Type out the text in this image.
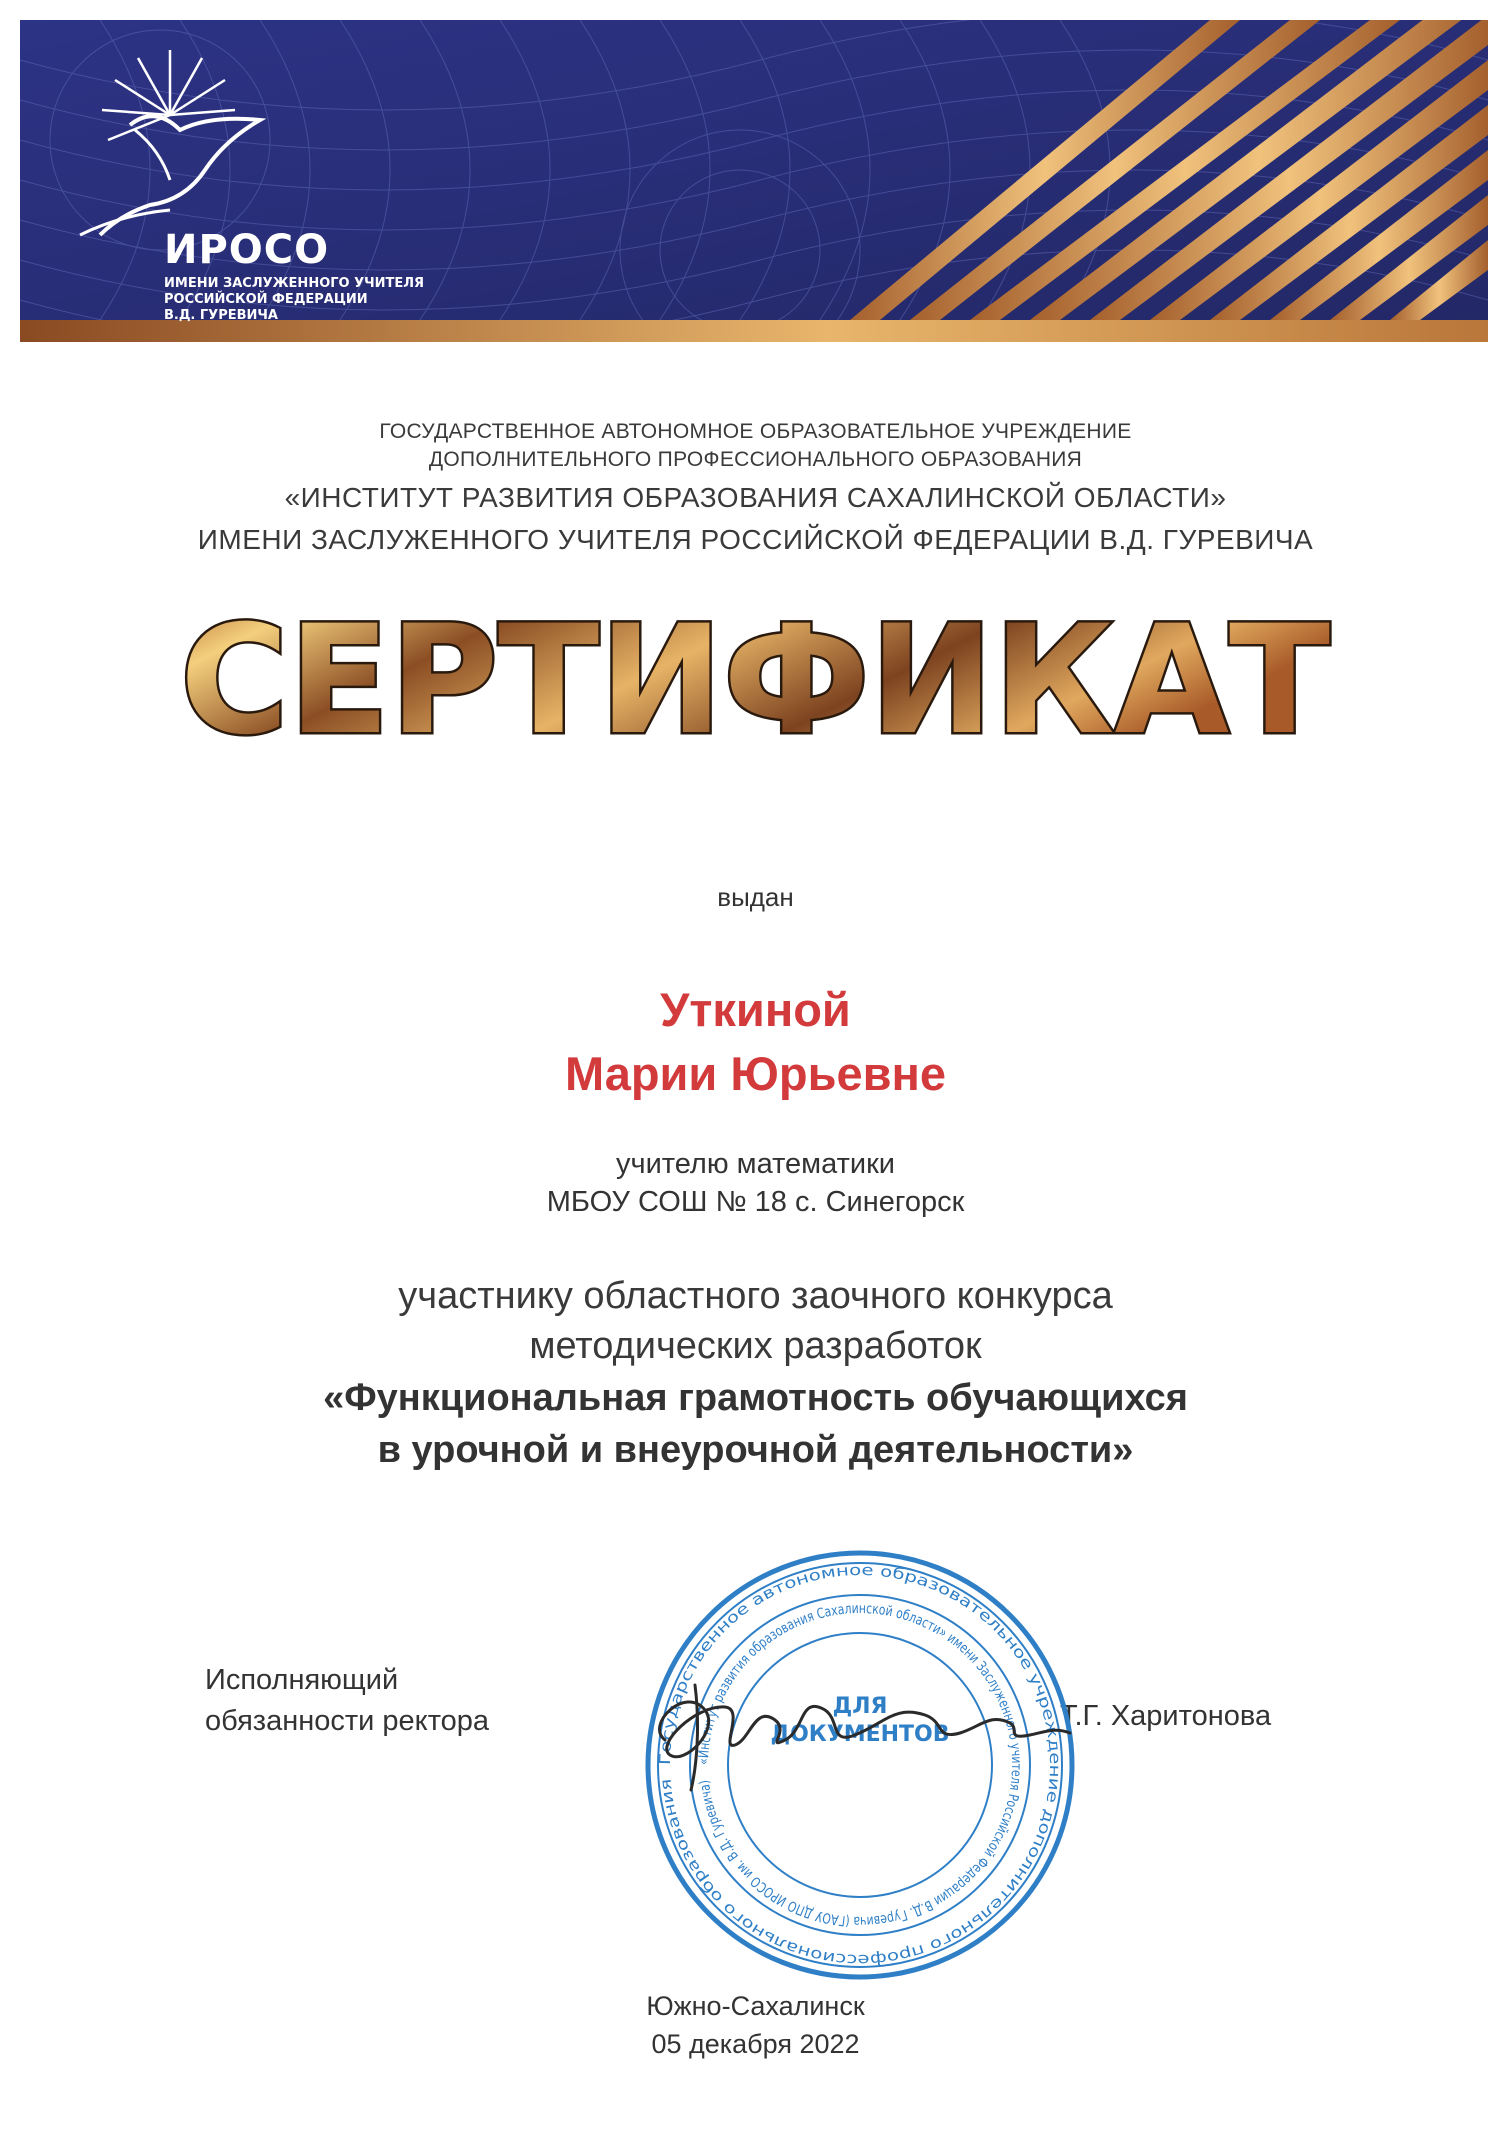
ИРОСО
ИМЕНИ ЗАСЛУЖЕННОГО УЧИТЕЛЯ
РОССИЙСКОЙ ФЕДЕРАЦИИ
В.Д. ГУРЕВИЧА
ГОСУДАРСТВЕННОЕ АВТОНОМНОЕ ОБРАЗОВАТЕЛЬНОЕ УЧРЕЖДЕНИЕ
ДОПОЛНИТЕЛЬНОГО ПРОФЕССИОНАЛЬНОГО ОБРАЗОВАНИЯ
«ИНСТИТУТ РАЗВИТИЯ ОБРАЗОВАНИЯ САХАЛИНСКОЙ ОБЛАСТИ»
ИМЕНИ ЗАСЛУЖЕННОГО УЧИТЕЛЯ РОССИЙСКОЙ ФЕДЕРАЦИИ В.Д. ГУРЕВИЧА
СЕРТИФИКАТ
выдан
Уткиной
Марии Юрьевне
учителю математики
МБОУ СОШ № 18 с. Синегорск
участнику областного заочного конкурса
методических разработок
«Функциональная грамотность обучающихся
в урочной и внеурочной деятельности»
Исполняющий
обязанности ректора	Т.Г. Харитонова
Государственное автономное образовательное учреждение дополнительного профессионального образования
«Институт развития образования Сахалинской области» имени Заслуженного учителя Российской Федерации В.Д. Гуревича (ГАОУ ДПО ИРОСО им. В.Д. Гуревича)
ДЛЯ
ДОКУМЕНТОВ
Южно-Сахалинск
05 декабря 2022
